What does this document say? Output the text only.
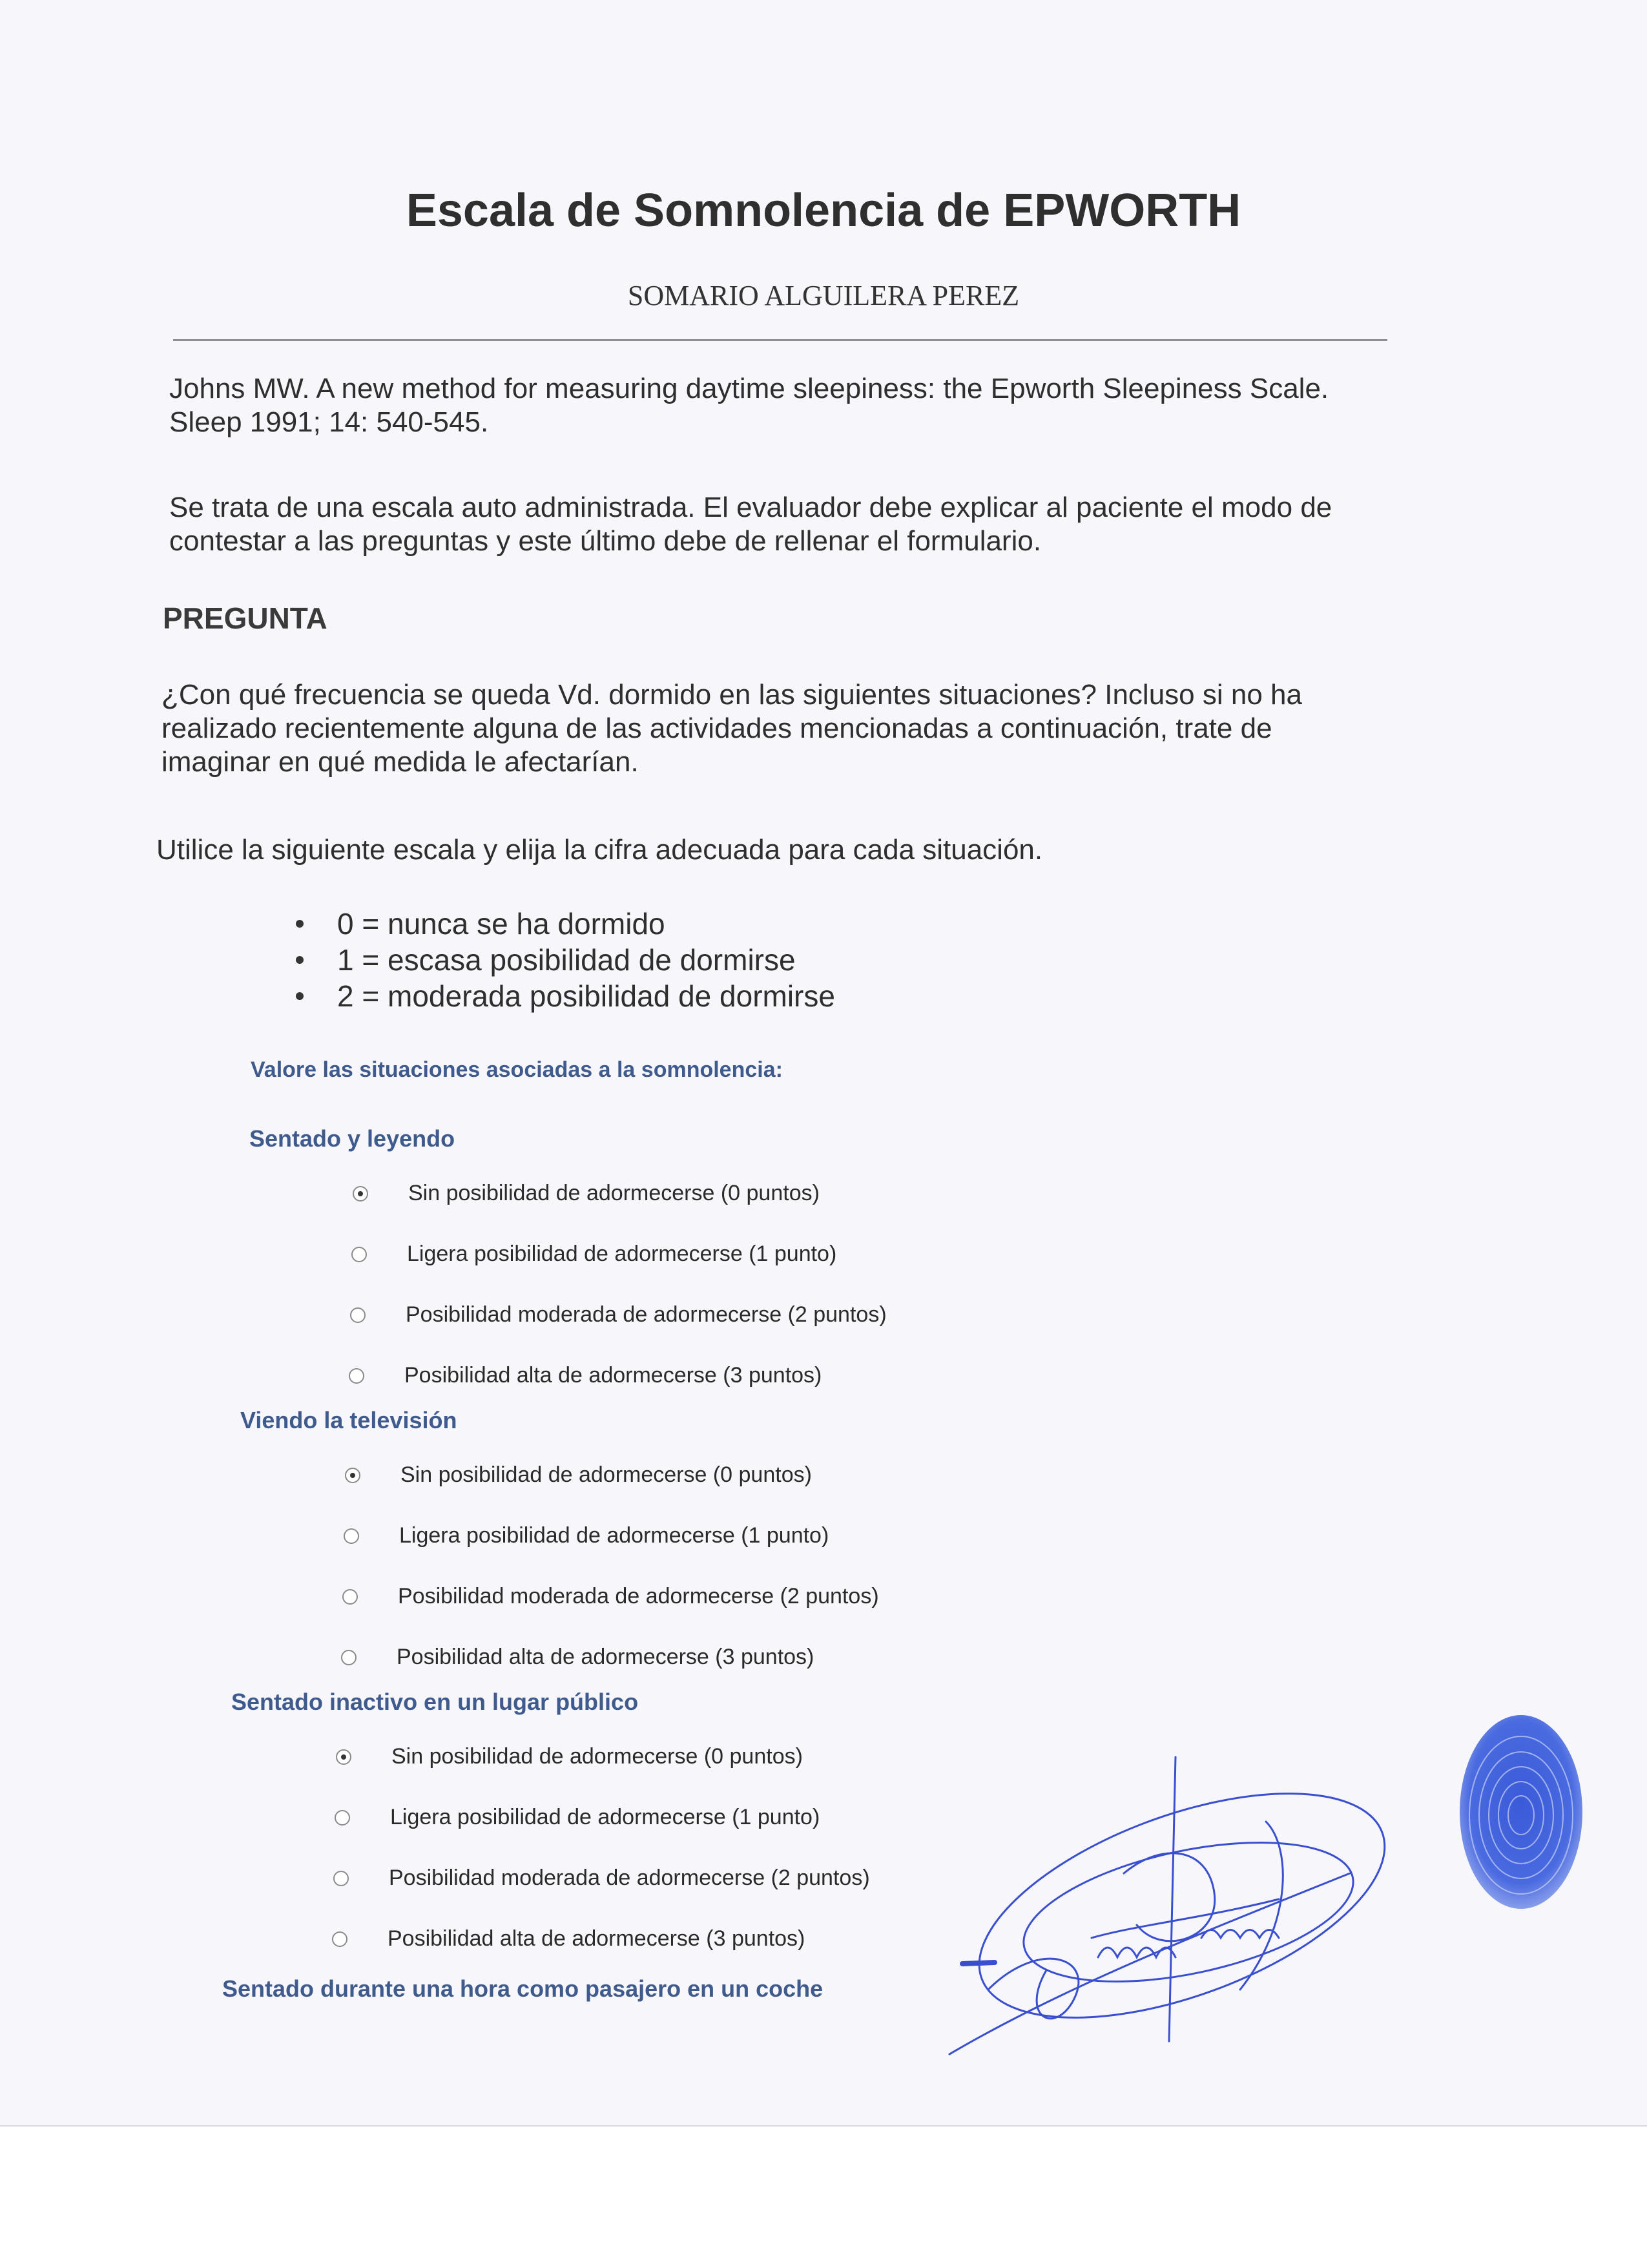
Escala de Somnolencia de EPWORTH

SOMARIO ALGUILERA PEREZ

Johns MW. A new method for measuring daytime sleepiness: the Epworth Sleepiness Scale. Sleep 1991; 14: 540-545.

Se trata de una escala auto administrada. El evaluador debe explicar al paciente el modo de contestar a las preguntas y este último debe de rellenar el formulario.

PREGUNTA

¿Con qué frecuencia se queda Vd. dormido en las siguientes situaciones? Incluso si no ha realizado recientemente alguna de las actividades mencionadas a continuación, trate de imaginar en qué medida le afectarían.

Utilice la siguiente escala y elija la cifra adecuada para cada situación.

0 = nunca se ha dormido
1 = escasa posibilidad de dormirse
2 = moderada posibilidad de dormirse

Valore las situaciones asociadas a la somnolencia:

Sentado y leyendo

Sin posibilidad de adormecerse (0 puntos)
Ligera posibilidad de adormecerse (1 punto)
Posibilidad moderada de adormecerse (2 puntos)
Posibilidad alta de adormecerse (3 puntos)

Viendo la televisión

Sin posibilidad de adormecerse (0 puntos)
Ligera posibilidad de adormecerse (1 punto)
Posibilidad moderada de adormecerse (2 puntos)
Posibilidad alta de adormecerse (3 puntos)

Sentado inactivo en un lugar público

Sin posibilidad de adormecerse (0 puntos)
Ligera posibilidad de adormecerse (1 punto)
Posibilidad moderada de adormecerse (2 puntos)
Posibilidad alta de adormecerse (3 puntos)

Sentado durante una hora como pasajero en un coche
